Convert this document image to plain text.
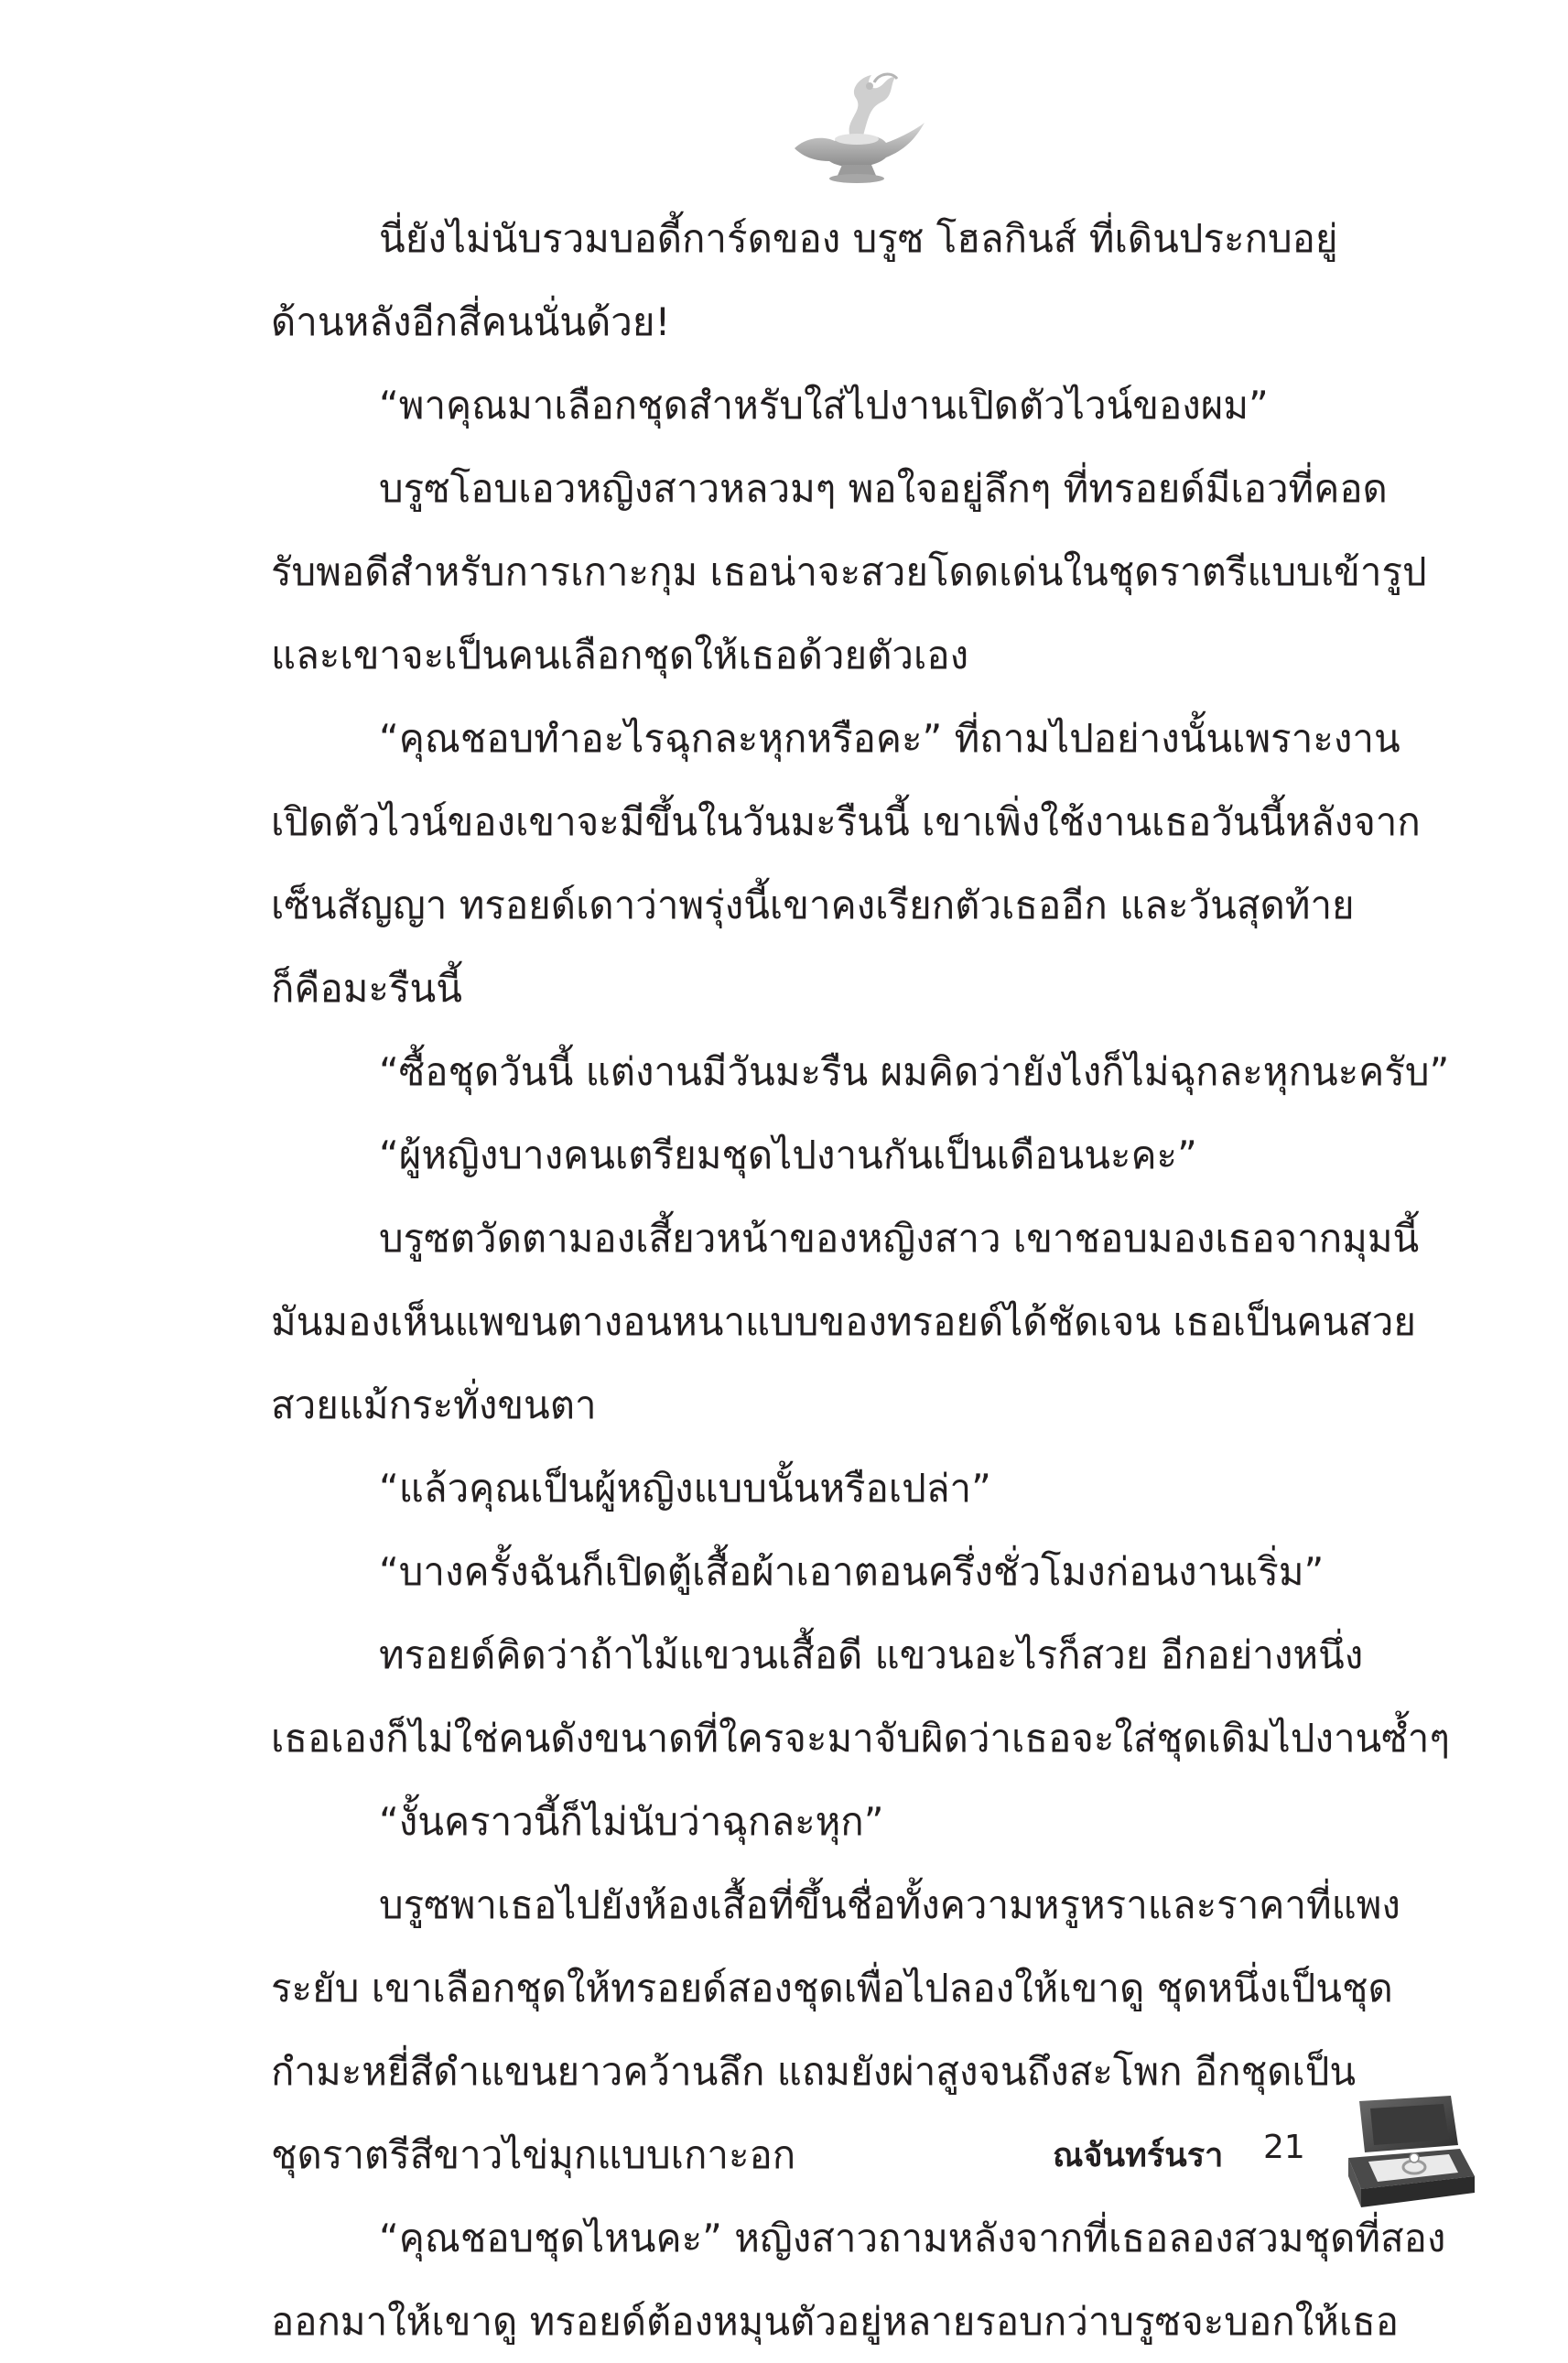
นี่ยังไม่นับรวมบอดี้การ์ดของ บรูซ โฮลกินส์ ที่เดินประกบอยู่
ด้านหลังอีกสี่คนนั่นด้วย!
“พาคุณมาเลือกชุดสำหรับใส่ไปงานเปิดตัวไวน์ของผม”
บรูซโอบเอวหญิงสาวหลวมๆ พอใจอยู่ลึกๆ ที่ทรอยด์มีเอวที่คอด
รับพอดีสำหรับการเกาะกุม เธอน่าจะสวยโดดเด่นในชุดราตรีแบบเข้ารูป
และเขาจะเป็นคนเลือกชุดให้เธอด้วยตัวเอง
“คุณชอบทำอะไรฉุกละหุกหรือคะ” ที่ถามไปอย่างนั้นเพราะงาน
เปิดตัวไวน์ของเขาจะมีขึ้นในวันมะรืนนี้ เขาเพิ่งใช้งานเธอวันนี้หลังจาก
เซ็นสัญญา ทรอยด์เดาว่าพรุ่งนี้เขาคงเรียกตัวเธออีก และวันสุดท้าย
ก็คือมะรืนนี้
“ซื้อชุดวันนี้ แต่งานมีวันมะรืน ผมคิดว่ายังไงก็ไม่ฉุกละหุกนะครับ”
“ผู้หญิงบางคนเตรียมชุดไปงานกันเป็นเดือนนะคะ”
บรูซตวัดตามองเสี้ยวหน้าของหญิงสาว เขาชอบมองเธอจากมุมนี้
มันมองเห็นแพขนตางอนหนาแบบของทรอยด์ได้ชัดเจน เธอเป็นคนสวย
สวยแม้กระทั่งขนตา
“แล้วคุณเป็นผู้หญิงแบบนั้นหรือเปล่า”
“บางครั้งฉันก็เปิดตู้เสื้อผ้าเอาตอนครึ่งชั่วโมงก่อนงานเริ่ม”
ทรอยด์คิดว่าถ้าไม้แขวนเสื้อดี แขวนอะไรก็สวย อีกอย่างหนึ่ง
เธอเองก็ไม่ใช่คนดังขนาดที่ใครจะมาจับผิดว่าเธอจะใส่ชุดเดิมไปงานซ้ำๆ
“งั้นคราวนี้ก็ไม่นับว่าฉุกละหุก”
บรูซพาเธอไปยังห้องเสื้อที่ขึ้นชื่อทั้งความหรูหราและราคาที่แพง
ระยับ เขาเลือกชุดให้ทรอยด์สองชุดเพื่อไปลองให้เขาดู ชุดหนึ่งเป็นชุด
กำมะหยี่สีดำแขนยาวคว้านลึก แถมยังผ่าสูงจนถึงสะโพก อีกชุดเป็น
ชุดราตรีสีขาวไข่มุกแบบเกาะอก
“คุณชอบชุดไหนคะ” หญิงสาวถามหลังจากที่เธอลองสวมชุดที่สอง
ออกมาให้เขาดู ทรอยด์ต้องหมุนตัวอยู่หลายรอบกว่าบรูซจะบอกให้เธอ
ณจันทร์นรา 21
